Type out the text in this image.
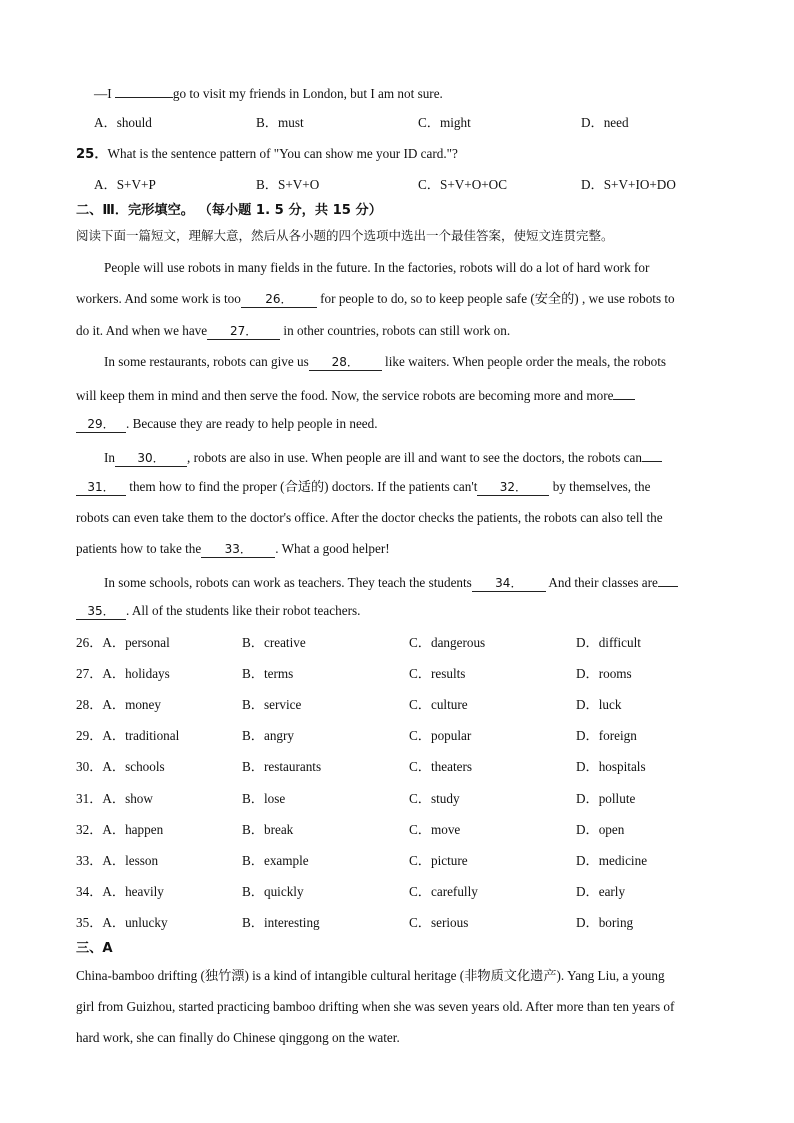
—I	go to visit my friends in London, but I am not sure.
A．should	B．must	C．might	D．need
25．What is the sentence pattern of "You can show me your ID card."?
A．S+V+P	B．S+V+O	C．S+V+O+OC	D．S+V+IO+DO
二、Ⅲ．完形填空。 （每小题 1. 5 分，共 15 分）
阅读下面一篇短文，理解大意，然后从各小题的四个选项中选出一个最佳答案，使短文连贯完整。
People will use robots in many fields in the future. In the factories, robots will do a lot of hard work for
workers. And some work is too 26． for people to do, so to keep people safe (安全的) , we use robots to
do it. And when we have 27． in other countries, robots can still work on.
In some restaurants, robots can give us 28． like waiters. When people order the meals, the robots
will keep them in mind and then serve the food. Now, the service robots are becoming more and more
29． . Because they are ready to help people in need.
In 30． , robots are also in use. When people are ill and want to see the doctors, the robots can
31． them how to find the proper (合适的) doctors. If the patients can't 32． by themselves, the
robots can even take them to the doctor's office. After the doctor checks the patients, the robots can also tell the
patients how to take the 33． . What a good helper!
In some schools, robots can work as teachers. They teach the students 34． And their classes are
35． . All of the students like their robot teachers.
26．A．personal	B．creative	C．dangerous	D．difficult
27．A．holidays	B．terms	C．results	D．rooms
28．A．money	B．service	C．culture	D．luck
29．A．traditional	B．angry	C．popular	D．foreign
30．A．schools	B．restaurants	C．theaters	D．hospitals
31．A．show	B．lose	C．study	D．pollute
32．A．happen	B．break	C．move	D．open
33．A．lesson	B．example	C．picture	D．medicine
34．A．heavily	B．quickly	C．carefully	D．early
35．A．unlucky	B．interesting	C．serious	D．boring
三、A
China-bamboo drifting (独竹漂) is a kind of intangible cultural heritage (非物质文化遗产). Yang Liu, a young
girl from Guizhou, started practicing bamboo drifting when she was seven years old. After more than ten years of
hard work, she can finally do Chinese qinggong on the water.
